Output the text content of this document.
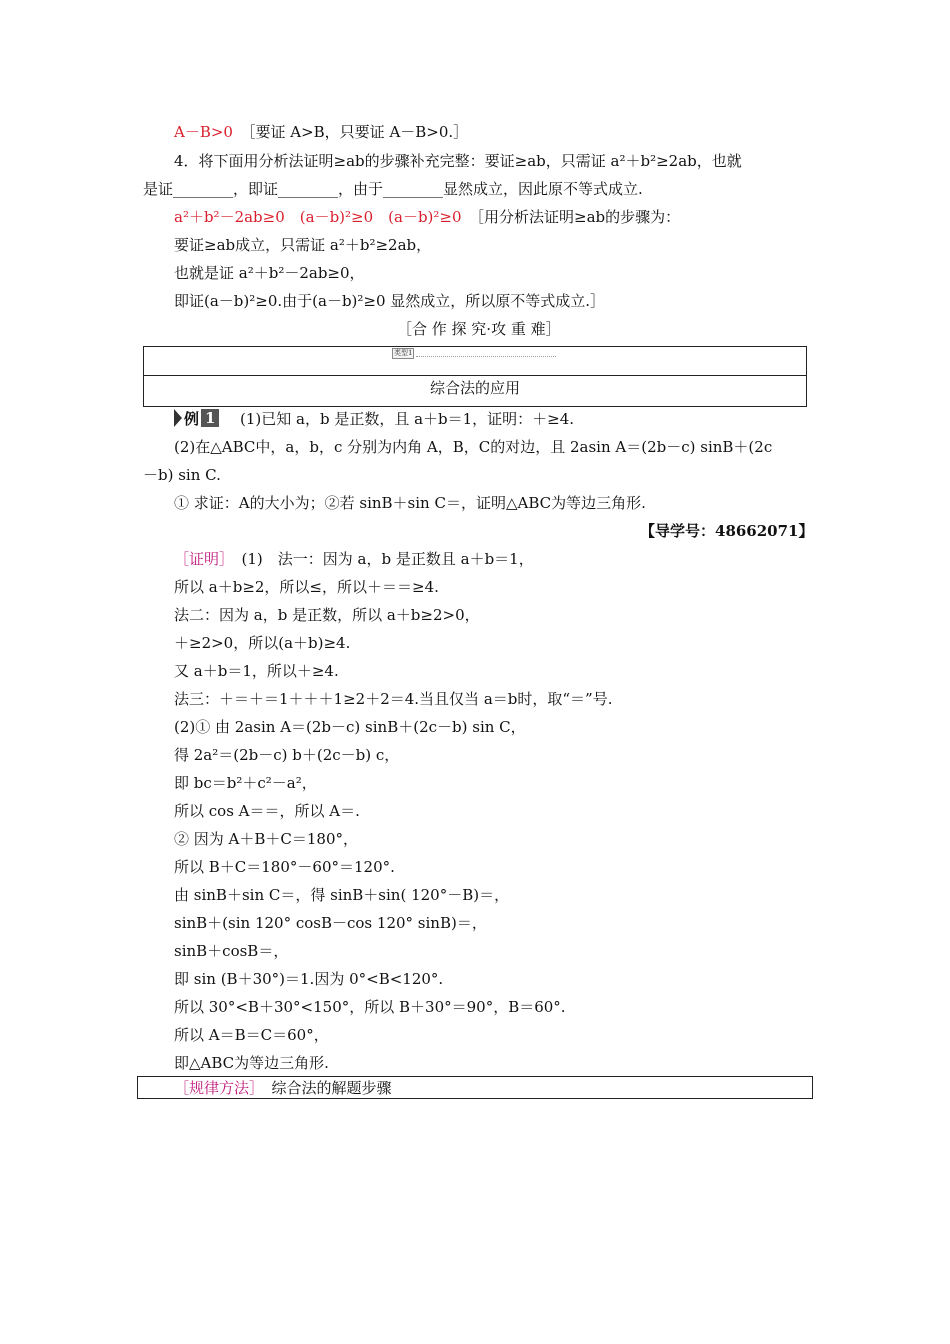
A－B>0　 ［要证 A>B，只要证 A－B>0.］
4．将下面用分析法证明≥ab的步骤补充完整：要证≥ab，只需证 a²＋b²≥2ab，也就
是证________，即证________，由于________显然成立，因此原不等式成立.
a²＋b²－2ab≥0　(a－b)²≥0　(a－b)²≥0　 ［用分析法证明≥ab的步骤为：
要证≥ab成立，只需证 a²＋b²≥2ab，
也就是证 a²＋b²－2ab≥0，
即证(a－b)²≥0.由于(a－b)²≥0 显然成立，所以原不等式成立.］
［合 作 探 究·攻 重 难］
类型1
综合法的应用
例 1 (1)已知 a，b 是正数，且 a＋b＝1，证明：＋≥4.
(2)在△ABC中，a，b，c 分别为内角 A，B，C的对边，且 2asin A＝(2b－c) sinB＋(2c
－b) sin C.
① 求证：A的大小为；②若 sinB＋sin C＝，证明△ABC为等边三角形.
【导学号：48662071】
［证明］　 (1)　法一：因为 a，b 是正数且 a＋b＝1，
所以 a＋b≥2，所以≤，所以＋＝＝≥4.
法二：因为 a，b 是正数，所以 a＋b≥2>0，
＋≥2>0，所以(a＋b)≥4.
又 a＋b＝1，所以＋≥4.
法三：＋＝＋＝1＋＋＋1≥2＋2＝4.当且仅当 a＝b时，取“＝”号.
(2)① 由 2asin A＝(2b－c) sinB＋(2c－b) sin C，
得 2a²＝(2b－c) b＋(2c－b) c，
即 bc＝b²＋c²－a²，
所以 cos A＝＝，所以 A＝.
② 因为 A＋B＋C＝180°，
所以 B＋C＝180°－60°＝120°.
由 sinB＋sin C＝，得 sinB＋sin( 120°－B)＝，
sinB＋(sin 120° cosB－cos 120° sinB)＝，
sinB＋cosB＝，
即 sin (B＋30°)＝1.因为 0°<B<120°.
所以 30°<B＋30°<150°，所以 B＋30°＝90°，B＝60°.
所以 A＝B＝C＝60°，
即△ABC为等边三角形.
［规律方法］　 综合法的解题步骤
